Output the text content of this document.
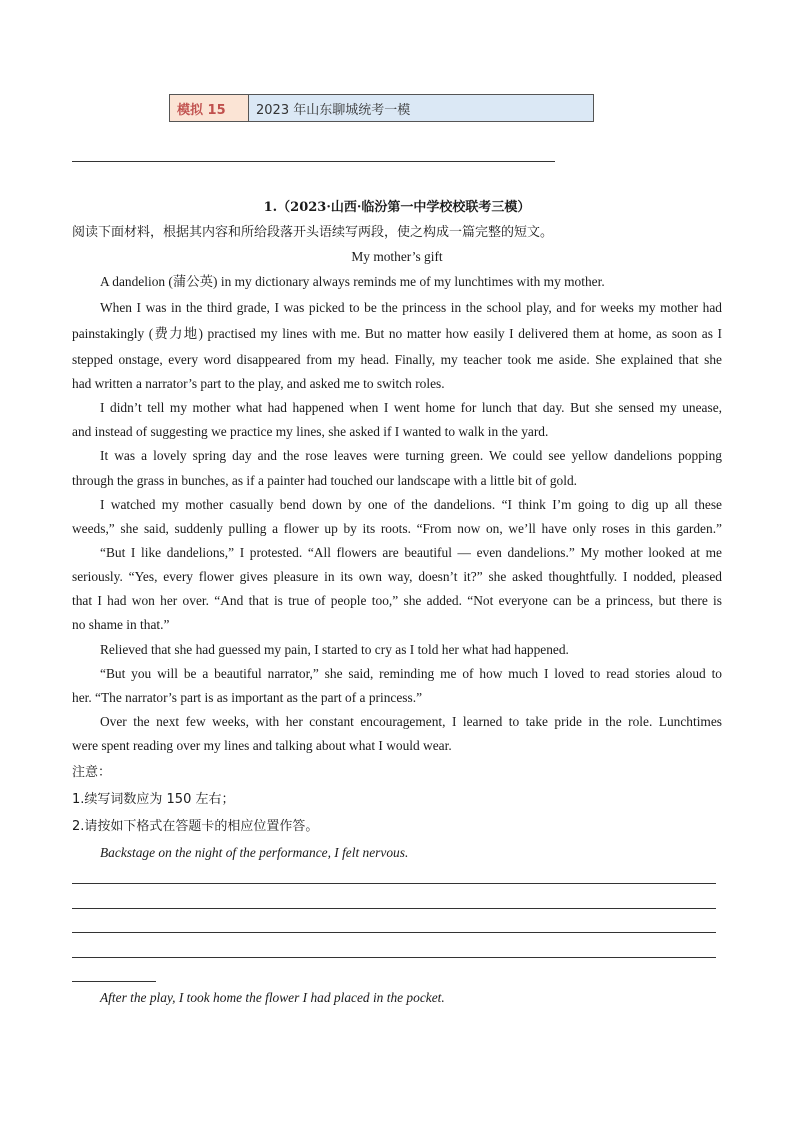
模拟 15	2023 年山东聊城统考一模
1.（2023·山西·临汾第一中学校校联考三模）
阅读下面材料，根据其内容和所给段落开头语续写两段，使之构成一篇完整的短文。
My mother’s gift
A dandelion (蒲公英) in my dictionary always reminds me of my lunchtimes with my mother.
When I was in the third grade, I was picked to be the princess in the school play, and for weeks my mother had
painstakingly (费力地) practised my lines with me. But no matter how easily I delivered them at home, as soon as I
stepped onstage, every word disappeared from my head. Finally, my teacher took me aside. She explained that she
had written a narrator’s part to the play, and asked me to switch roles.
I didn’t tell my mother what had happened when I went home for lunch that day. But she sensed my unease,
and instead of suggesting we practice my lines, she asked if I wanted to walk in the yard.
It was a lovely spring day and the rose leaves were turning green. We could see yellow dandelions popping
through the grass in bunches, as if a painter had touched our landscape with a little bit of gold.
I watched my mother casually bend down by one of the dandelions. “I think I’m going to dig up all these
weeds,” she said, suddenly pulling a flower up by its roots. “From now on, we’ll have only roses in this garden.”
“But I like dandelions,” I protested. “All flowers are beautiful — even dandelions.” My mother looked at me
seriously. “Yes, every flower gives pleasure in its own way, doesn’t it?” she asked thoughtfully. I nodded, pleased
that I had won her over. “And that is true of people too,” she added. “Not everyone can be a princess, but there is
no shame in that.”
Relieved that she had guessed my pain, I started to cry as I told her what had happened.
“But you will be a beautiful narrator,” she said, reminding me of how much I loved to read stories aloud to
her. “The narrator’s part is as important as the part of a princess.”
Over the next few weeks, with her constant encouragement, I learned to take pride in the role. Lunchtimes
were spent reading over my lines and talking about what I would wear.
注意：
1.续写词数应为 150 左右；
2.请按如下格式在答题卡的相应位置作答。
Backstage on the night of the performance, I felt nervous.
After the play, I took home the flower I had placed in the pocket.
